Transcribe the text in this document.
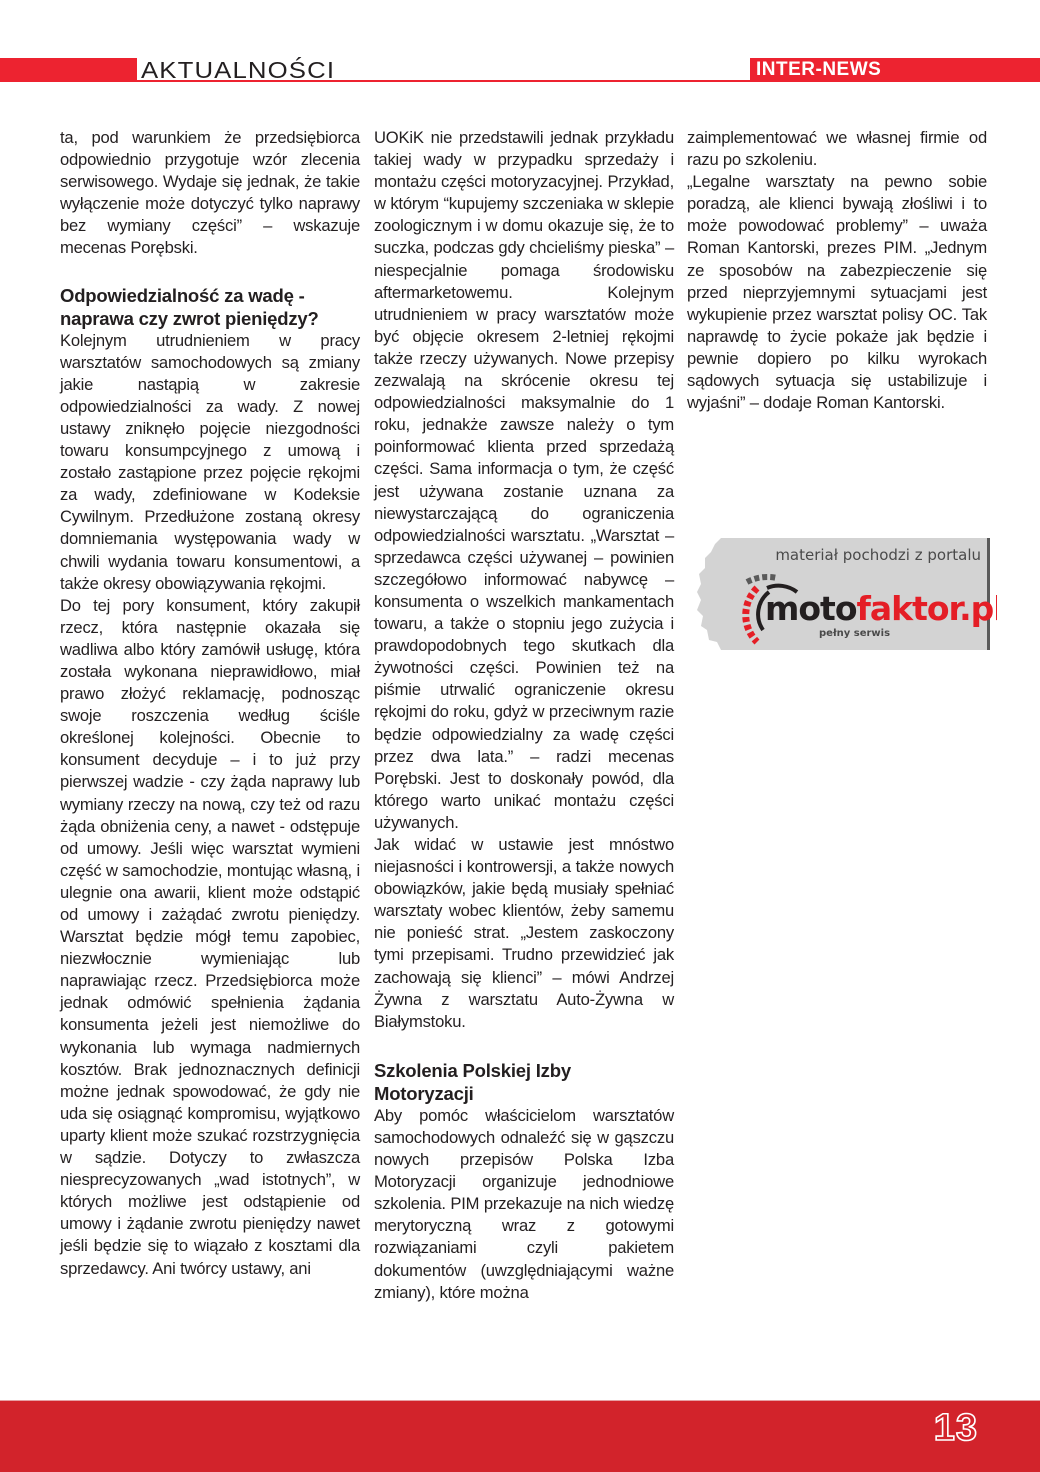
AKTUALNOŚCI	INTER-NEWS

ta, pod warunkiem że przedsiębiorca odpowiednio przygotuje wzór zlecenia serwisowego. Wydaje się jednak, że takie wyłączenie może dotyczyć tylko naprawy bez wymiany części” – wskazuje mecenas Porębski.

Odpowiedzialność za wadę - naprawa czy zwrot pieniędzy?

Kolejnym utrudnieniem w pracy warsztatów samochodowych są zmiany jakie nastąpią w zakresie odpowiedzialności za wady. Z nowej ustawy zniknęło pojęcie niezgodności towaru konsumpcyjnego z umową i zostało zastąpione przez pojęcie rękojmi za wady, zdefiniowane w Kodeksie Cywilnym. Przedłużone zostaną okresy domniemania występowania wady w chwili wydania towaru konsumentowi, a także okresy obowiązywania rękojmi.

Do tej pory konsument, który zakupił rzecz, która następnie okazała się wadliwa albo który zamówił usługę, która została wykonana nieprawidłowo, miał prawo złożyć reklamację, podnosząc swoje roszczenia według ściśle określonej kolejności. Obecnie to konsument decyduje – i to już przy pierwszej wadzie - czy żąda naprawy lub wymiany rzeczy na nową, czy też od razu żąda obniżenia ceny, a nawet - odstępuje od umowy. Jeśli więc warsztat wymieni część w samochodzie, montując własną, i ulegnie ona awarii, klient może odstąpić od umowy i zażądać zwrotu pieniędzy. Warsztat będzie mógł temu zapobiec, niezwłocznie wymieniając lub naprawiając rzecz. Przedsiębiorca może jednak odmówić spełnienia żądania konsumenta jeżeli jest niemożliwe do wykonania lub wymaga nadmiernych kosztów. Brak jednoznacznych definicji możne jednak spowodować, że gdy nie uda się osiągnąć kompromisu, wyjątkowo uparty klient może szukać rozstrzygnięcia w sądzie. Dotyczy to zwłaszcza niesprecyzowanych „wad istotnych”, w których możliwe jest odstąpienie od umowy i żądanie zwrotu pieniędzy nawet jeśli będzie się to wiązało z kosztami dla sprzedawcy. Ani twórcy ustawy, ani

UOKiK nie przedstawili jednak przykładu takiej wady w przypadku sprzedaży i montażu części motoryzacyjnej. Przykład, w którym “kupujemy szczeniaka w sklepie zoologicznym i w domu okazuje się, że to suczka, podczas gdy chcieliśmy pieska” – niespecjalnie pomaga środowisku aftermarketowemu. Kolejnym utrudnieniem w pracy warsztatów może być objęcie okresem 2-letniej rękojmi także rzeczy używanych. Nowe przepisy zezwalają na skrócenie okresu tej odpowiedzialności maksymalnie do 1 roku, jednakże zawsze należy o tym poinformować klienta przed sprzedażą części. Sama informacja o tym, że część jest używana zostanie uznana za niewystarczającą do ograniczenia odpowiedzialności warsztatu. „Warsztat – sprzedawca części używanej – powinien szczegółowo informować nabywcę – konsumenta o wszelkich mankamentach towaru, a także o stopniu jego zużycia i prawdopodobnych tego skutkach dla żywotności części. Powinien też na piśmie utrwalić ograniczenie okresu rękojmi do roku, gdyż w przeciwnym razie będzie odpowiedzialny za wadę części przez dwa lata.” – radzi mecenas Porębski. Jest to doskonały powód, dla którego warto unikać montażu części używanych.

Jak widać w ustawie jest mnóstwo niejasności i kontrowersji, a także nowych obowiązków, jakie będą musiały spełniać warsztaty wobec klientów, żeby samemu nie ponieść strat. „Jestem zaskoczony tymi przepisami. Trudno przewidzieć jak zachowają się klienci” – mówi Andrzej Żywna z warsztatu Auto-Żywna w Białymstoku.

Szkolenia Polskiej Izby Motoryzacji

Aby pomóc właścicielom warsztatów samochodowych odnaleźć się w gąszczu nowych przepisów Polska Izba Motoryzacji organizuje jednodniowe szkolenia. PIM przekazuje na nich wiedzę merytoryczną wraz z gotowymi rozwiązaniami czyli pakietem dokumentów (uwzględniającymi ważne zmiany), które można

zaimplementować we własnej firmie od razu po szkoleniu.

„Legalne warsztaty na pewno sobie poradzą, ale klienci bywają złośliwi i to może powodować problemy” – uważa Roman Kantorski, prezes PIM. „Jednym ze sposobów na zabezpieczenie się przed nieprzyjemnymi sytuacjami jest wykupienie przez warsztat polisy OC. Tak naprawdę to życie pokaże jak będzie i pewnie dopiero po kilku wyrokach sądowych sytuacja się ustabilizuje i wyjaśni” – dodaje Roman Kantorski.

materiał pochodzi z portalu
motofaktor.pl
pełny serwis
13
